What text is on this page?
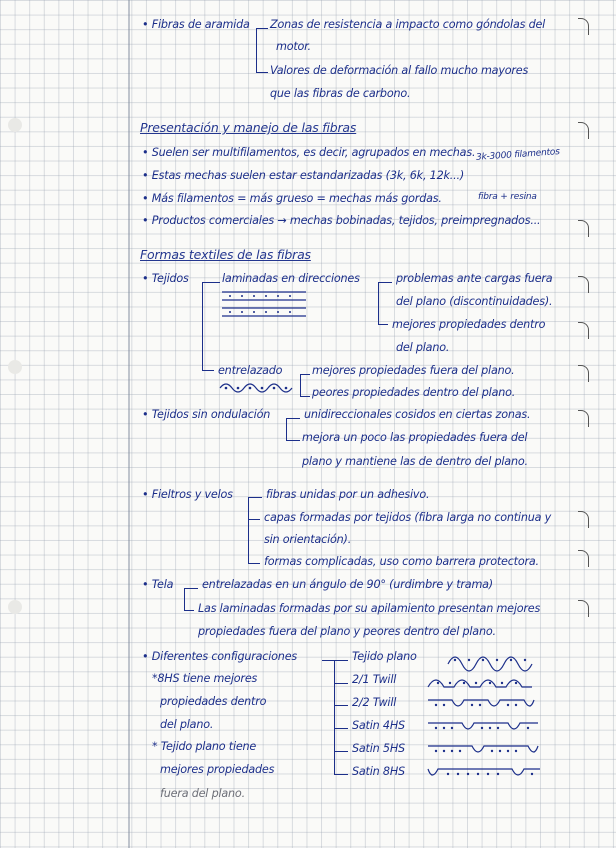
• Fibras de aramida Zonas de resistencia a impacto como góndolas del
motor.
Valores de deformación al fallo mucho mayores
que las fibras de carbono.
Presentación y manejo de las fibras
• Suelen ser multifilamentos, es decir, agrupados en mechas. 3k-3000 filamentos
• Estas mechas suelen estar estandarizadas (3k, 6k, 12k...)
• Más filamentos = más grueso = mechas más gordas.	fibra + resina
• Productos comerciales → mechas bobinadas, tejidos, preimpregnados...
Formas textiles de las fibras
• Tejidos	laminadas en direcciones	problemas ante cargas fuera
del plano (discontinuidades).
mejores propiedades dentro
del plano.
entrelazado	mejores propiedades fuera del plano.
peores propiedades dentro del plano.
• Tejidos sin ondulación	unidireccionales cosidos en ciertas zonas.
mejora un poco las propiedades fuera del
plano y mantiene las de dentro del plano.
• Fieltros y velos	fibras unidas por un adhesivo.
capas formadas por tejidos (fibra larga no continua y
sin orientación).
formas complicadas, uso como barrera protectora.
• Tela	entrelazadas en un ángulo de 90° (urdimbre y trama)
Las laminadas formadas por su apilamiento presentan mejores
propiedades fuera del plano y peores dentro del plano.
• Diferentes configuraciones
*8HS tiene mejores
propiedades dentro
del plano.
* Tejido plano tiene
mejores propiedades
fuera del plano.
Tejido plano
2/1 Twill
2/2 Twill
Satin 4HS
Satin 5HS
Satin 8HS
